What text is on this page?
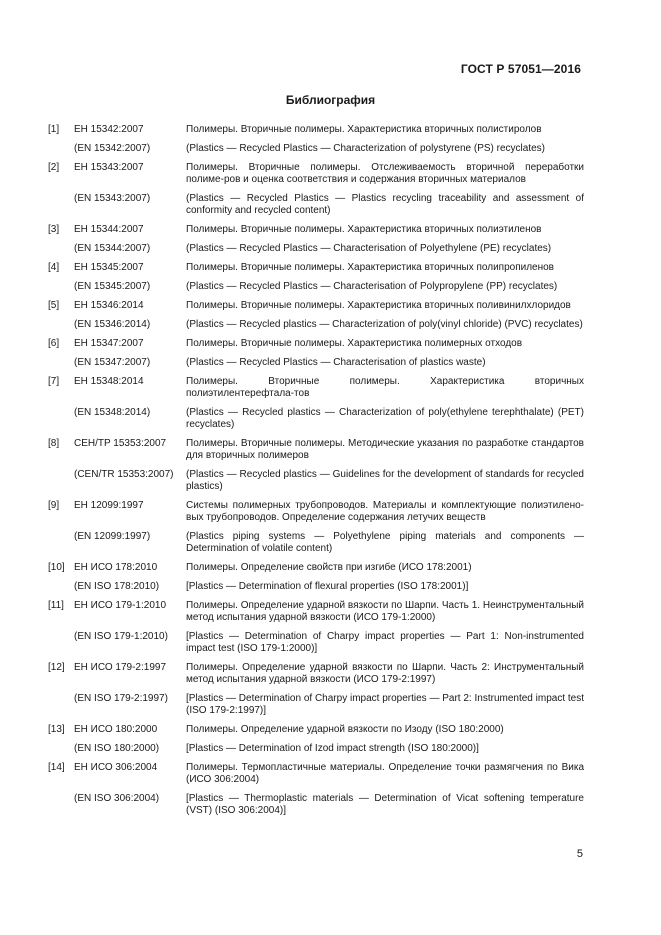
ГОСТ Р 57051—2016
Библиография
[1]	ЕН 15342:2007	Полимеры. Вторичные полимеры. Характеристика вторичных полистиролов
(EN 15342:2007)	(Plastics — Recycled Plastics — Characterization of polystyrene (PS) recyclates)
[2]	ЕН 15343:2007	Полимеры. Вторичные полимеры. Отслеживаемость вторичной переработки полиме-ров и оценка соответствия и содержания вторичных материалов
(EN 15343:2007)	(Plastics — Recycled Plastics — Plastics recycling traceability and assessment of conformity and recycled content)
[3]	ЕН 15344:2007	Полимеры. Вторичные полимеры. Характеристика вторичных полиэтиленов
(EN 15344:2007)	(Plastics — Recycled Plastics — Characterisation of Polyethylene (PE) recyclates)
[4]	ЕН 15345:2007	Полимеры. Вторичные полимеры. Характеристика вторичных полипропиленов
(EN 15345:2007)	(Plastics — Recycled Plastics — Characterisation of Polypropylene (PP) recyclates)
[5]	ЕН 15346:2014	Полимеры. Вторичные полимеры. Характеристика вторичных поливинилхлоридов
(EN 15346:2014)	(Plastics — Recycled plastics — Characterization of poly(vinyl chloride) (PVC) recyclates)
[6]	ЕН 15347:2007	Полимеры. Вторичные полимеры. Характеристика полимерных отходов
(EN 15347:2007)	(Plastics — Recycled Plastics — Characterisation of plastics waste)
[7]	ЕН 15348:2014	Полимеры. Вторичные полимеры. Характеристика вторичных полиэтилентерефтала-тов
(EN 15348:2014)	(Plastics — Recycled plastics — Characterization of poly(ethylene terephthalate) (PET) recyclates)
[8]	CEH/TP 15353:2007	Полимеры. Вторичные полимеры. Методические указания по разработке стандартов для вторичных полимеров
(CEN/TR 15353:2007)	(Plastics — Recycled plastics — Guidelines for the development of standards for recycled plastics)
[9]	ЕН 12099:1997	Системы полимерных трубопроводов. Материалы и комплектующие полиэтилено-вых трубопроводов. Определение содержания летучих веществ
(EN 12099:1997)	(Plastics piping systems — Polyethylene piping materials and components — Determination of volatile content)
[10] ЕН ИСО 178:2010	Полимеры. Определение свойств при изгибе (ИСО 178:2001)
(EN ISO 178:2010)	[Plastics — Determination of flexural properties (ISO 178:2001)]
[11]	ЕН ИСО 179-1:2010	Полимеры. Определение ударной вязкости по Шарпи. Часть 1. Неинструментальный метод испытания ударной вязкости (ИСО 179-1:2000)
(EN ISO 179-1:2010)	[Plastics — Determination of Charpy impact properties — Part 1: Non-instrumented impact test (ISO 179-1:2000)]
[12] ЕН ИСО 179-2:1997	Полимеры. Определение ударной вязкости по Шарпи. Часть 2: Инструментальный метод испытания ударной вязкости (ИСО 179-2:1997)
(EN ISO 179-2:1997)	[Plastics — Determination of Charpy impact properties — Part 2: Instrumented impact test (ISO 179-2:1997)]
[13] ЕН ИСО 180:2000	Полимеры. Определение ударной вязкости по Изоду (ISO 180:2000)
(EN ISO 180:2000)	[Plastics — Determination of Izod impact strength (ISO 180:2000)]
[14] ЕН ИСО 306:2004	Полимеры. Термопластичные материалы. Определение точки размягчения по Вика (ИСО 306:2004)
(EN ISO 306:2004)	[Plastics — Thermoplastic materials — Determination of Vicat softening temperature (VST) (ISO 306:2004)]
5
